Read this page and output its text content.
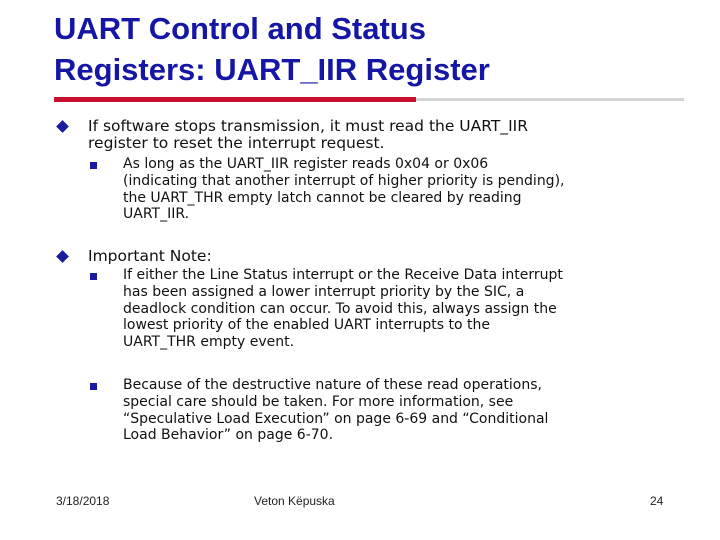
UART Control and Status
Registers: UART_IIR Register

If software stops transmission, it must read the UART_IIR
register to reset the interrupt request.

As long as the UART_IIR register reads 0x04 or 0x06
(indicating that another interrupt of higher priority is pending),
the UART_THR empty latch cannot be cleared by reading
UART_IIR.

Important Note:

If either the Line Status interrupt or the Receive Data interrupt
has been assigned a lower interrupt priority by the SIC, a
deadlock condition can occur. To avoid this, always assign the
lowest priority of the enabled UART interrupts to the
UART_THR empty event.

Because of the destructive nature of these read operations,
special care should be taken. For more information, see
“Speculative Load Execution” on page 6-69 and “Conditional
Load Behavior” on page 6-70.

3/18/2018	Veton Këpuska	24
